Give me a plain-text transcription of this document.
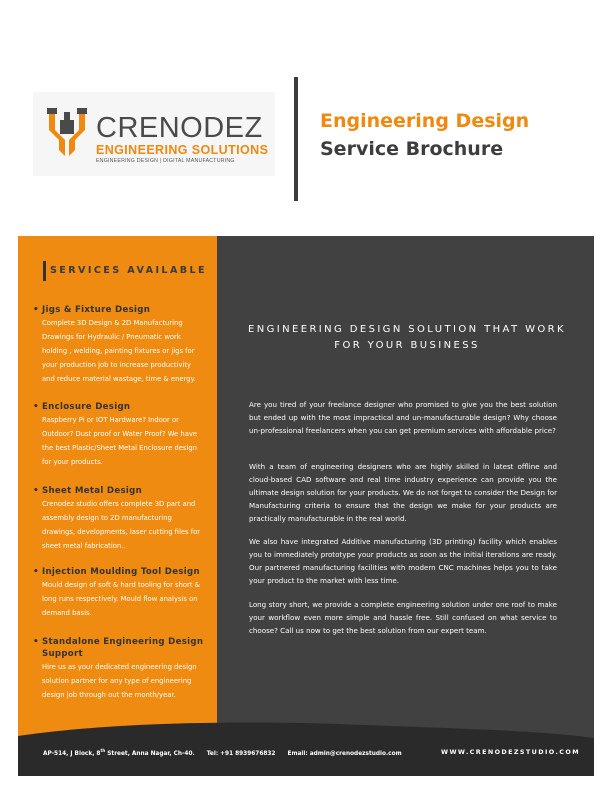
CRENODEZ
ENGINEERING SOLUTIONS
ENGINEERING DESIGN | DIGITAL MANUFACTURING
Engineering Design
Service Brochure
SERVICES AVAILABLE
• Jigs & Fixture Design
Complete 3D Design & 2D Manufacturing
Drawings for Hydraulic / Pneumatic work
holding , welding, painting fixtures or jigs for
your production job to increase productivity
and reduce material wastage, time & energy.
• Enclosure Design
Raspberry Pi or IOT Hardware? Indoor or
Outdoor? Dust proof or Water Proof? We have
the best Plastic/Sheet Metal Enclosure design
for your products.
• Sheet Metal Design
Crenodez studio offers complete 3D part and
assembly design to 2D manufacturing
drawings, developments, laser cutting files for
sheet metal fabrication..
• Injection Moulding Tool Design
Mould design of soft & hard tooling for short &
long runs respectively. Mould flow analysis on
demand basis.
• Standalone Engineering Design Support
Hire us as your dedicated engineering design
solution partner for any type of engineering
design job through out the month/year.
ENGINEERING DESIGN SOLUTION THAT WORK FOR YOUR BUSINESS
Are you tired of your freelance designer who promised to give you the best solution but ended up with the most impractical and un-manufacturable design? Why choose un-professional freelancers when you can get premium services with affordable price?
With a team of engineering designers who are highly skilled in latest offline and cloud-based CAD software and real time industry experience can provide you the ultimate design solution for your products. We do not forget to consider the Design for Manufacturing criteria to ensure that the design we make for your products are practically manufacturable in the real world.
We also have integrated Additive manufacturing (3D printing) facility which enables you to immediately prototype your products as soon as the initial iterations are ready. Our partnered manufacturing facilities with modern CNC machines helps you to take your product to the market with less time.
Long story short, we provide a complete engineering solution under one roof to make your workflow even more simple and hassle free. Still confused on what service to choose? Call us now to get the best solution from our expert team.
AP-514, J Block, 8th Street, Anna Nagar, Ch-40. Tel: +91 8939676832 Email: admin@crenodezstudio.com	WWW.CRENODEZSTUDIO.COM
